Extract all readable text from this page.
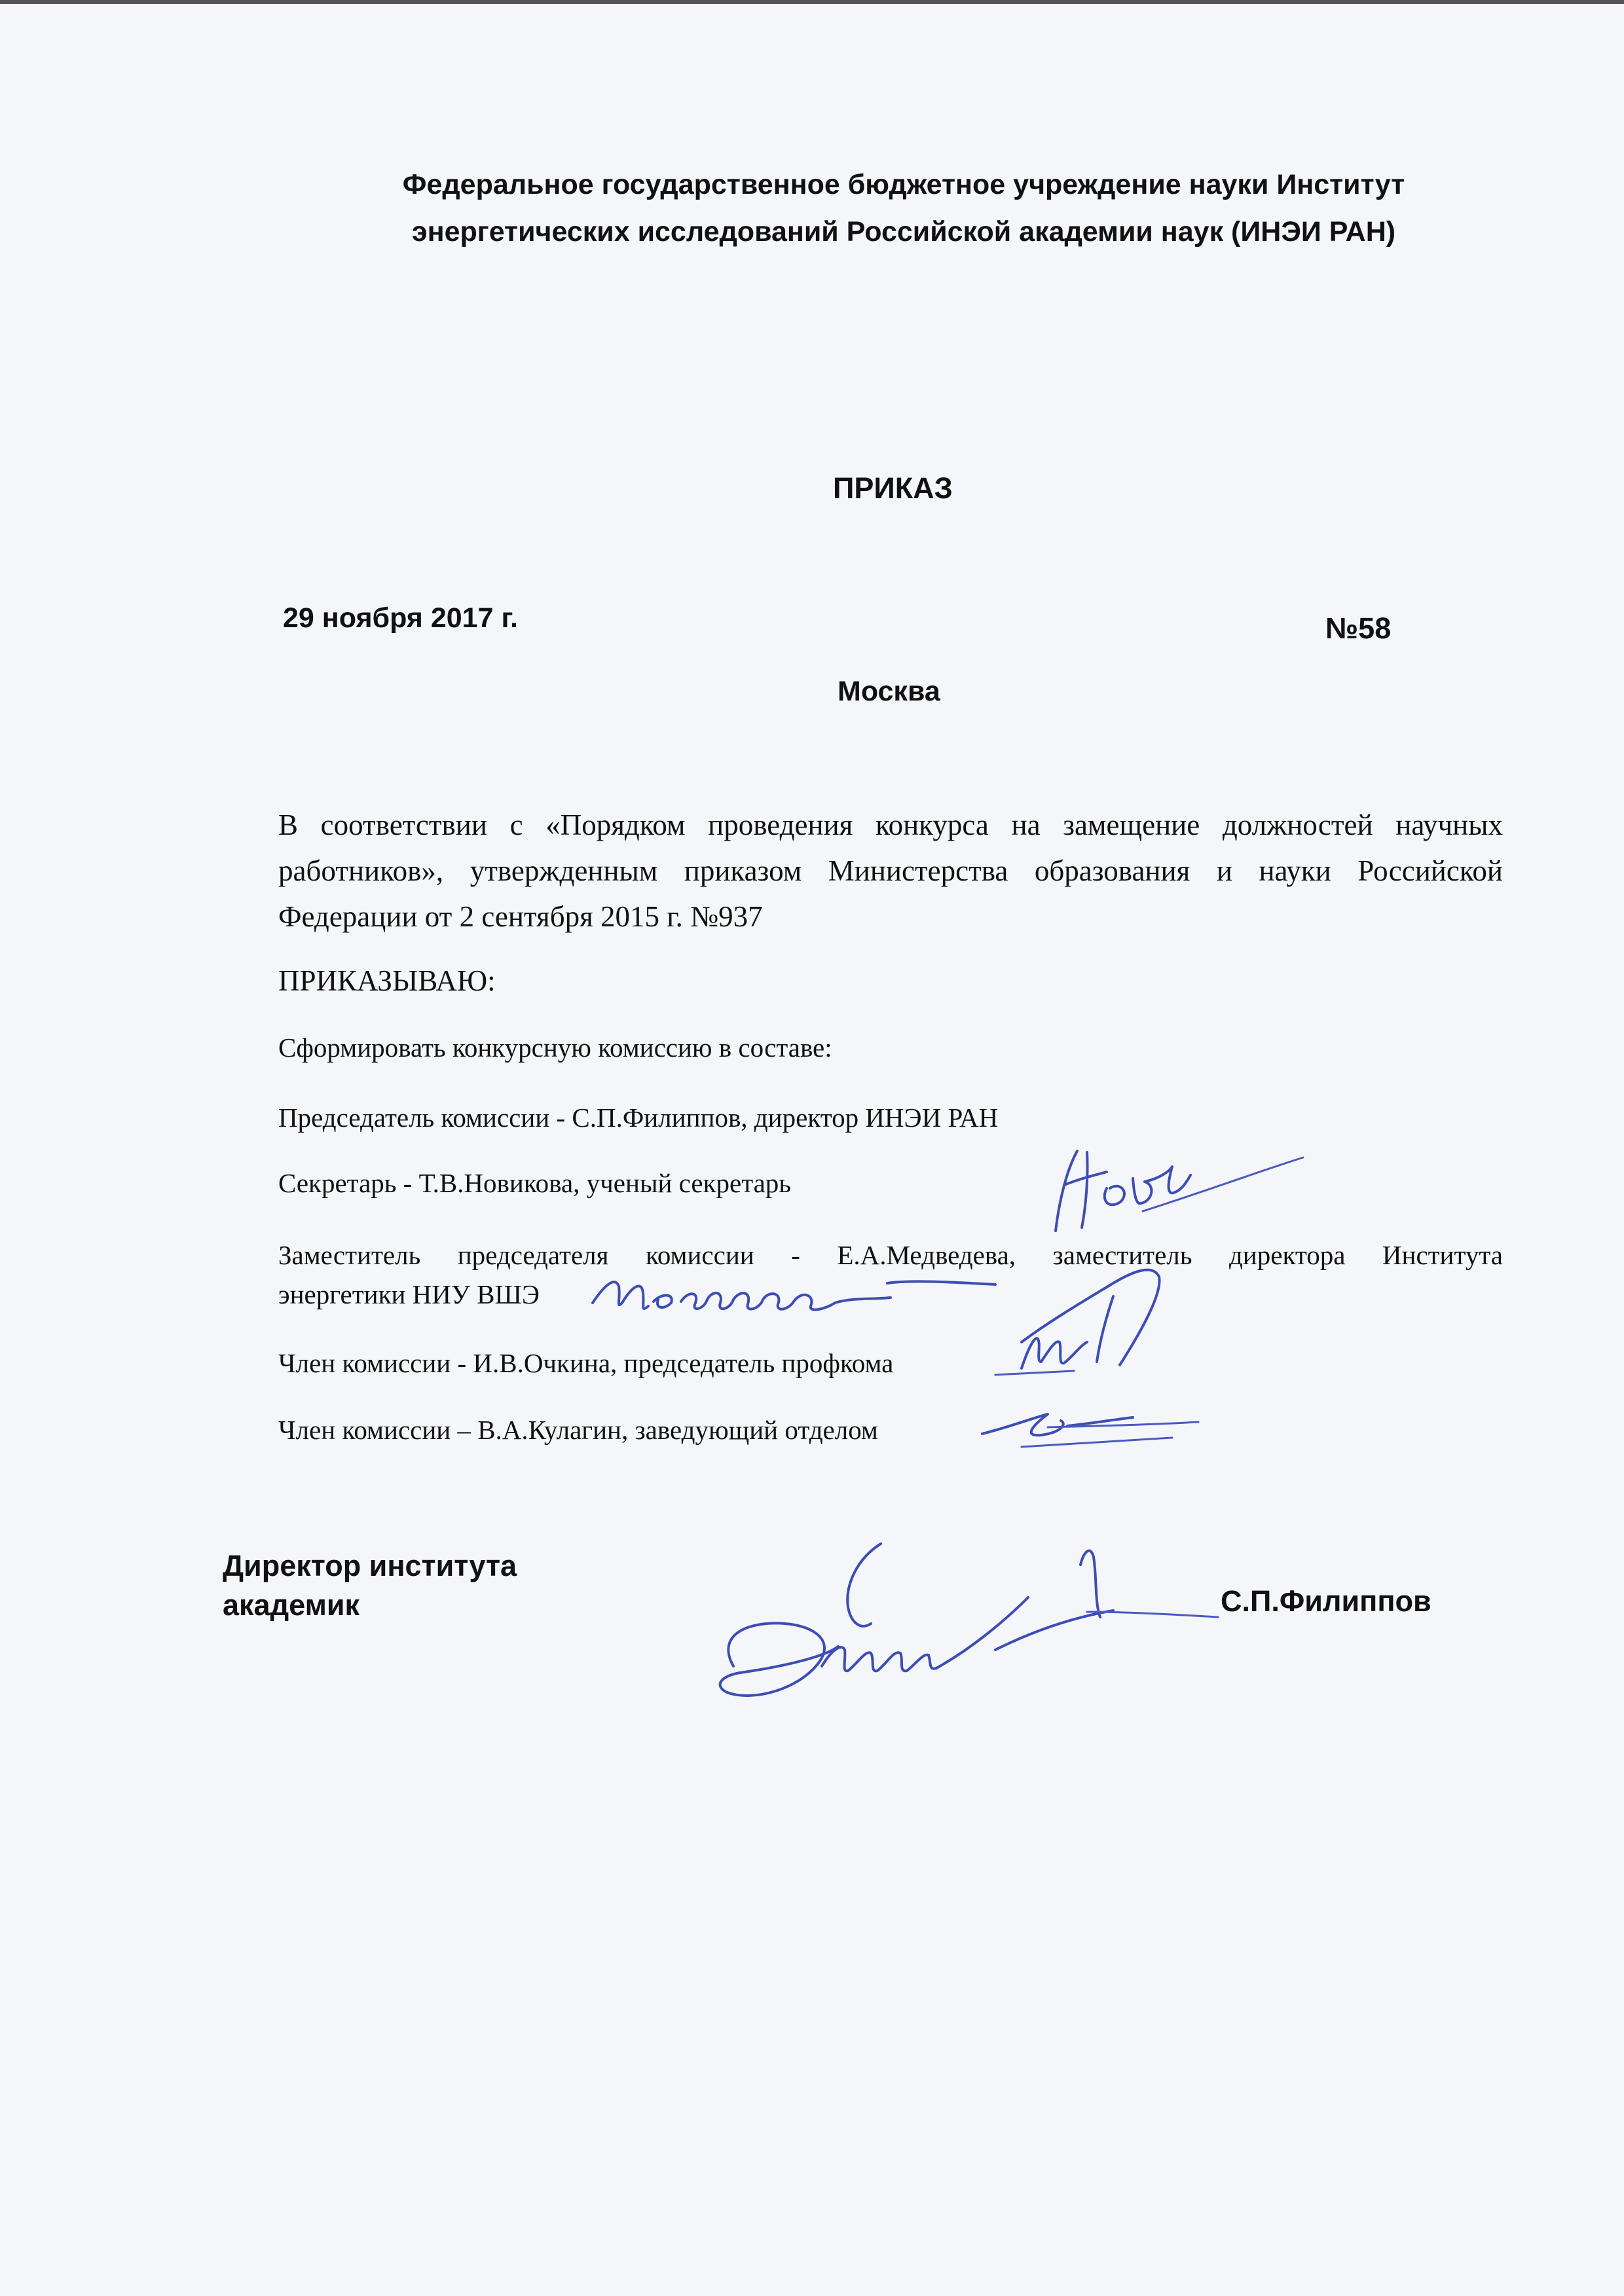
Федеральное государственное бюджетное учреждение науки Институт
энергетических исследований Российской академии наук (ИНЭИ РАН)
ПРИКАЗ
29 ноября 2017 г.	№58
Москва
В соответствии с «Порядком проведения конкурса на замещение должностей научных
работников», утвержденным приказом Министерства образования и науки Российской
Федерации от 2 сентября 2015 г. №937
ПРИКАЗЫВАЮ:
Сформировать конкурсную комиссию в составе:
Председатель комиссии - С.П.Филиппов, директор ИНЭИ РАН
Секретарь - Т.В.Новикова, ученый секретарь
Заместитель председателя комиссии - Е.А.Медведева, заместитель директора Института
энергетики НИУ ВШЭ
Член комиссии - И.В.Очкина, председатель профкома
Член комиссии – В.А.Кулагин, заведующий отделом
Директор института
академик	С.П.Филиппов
